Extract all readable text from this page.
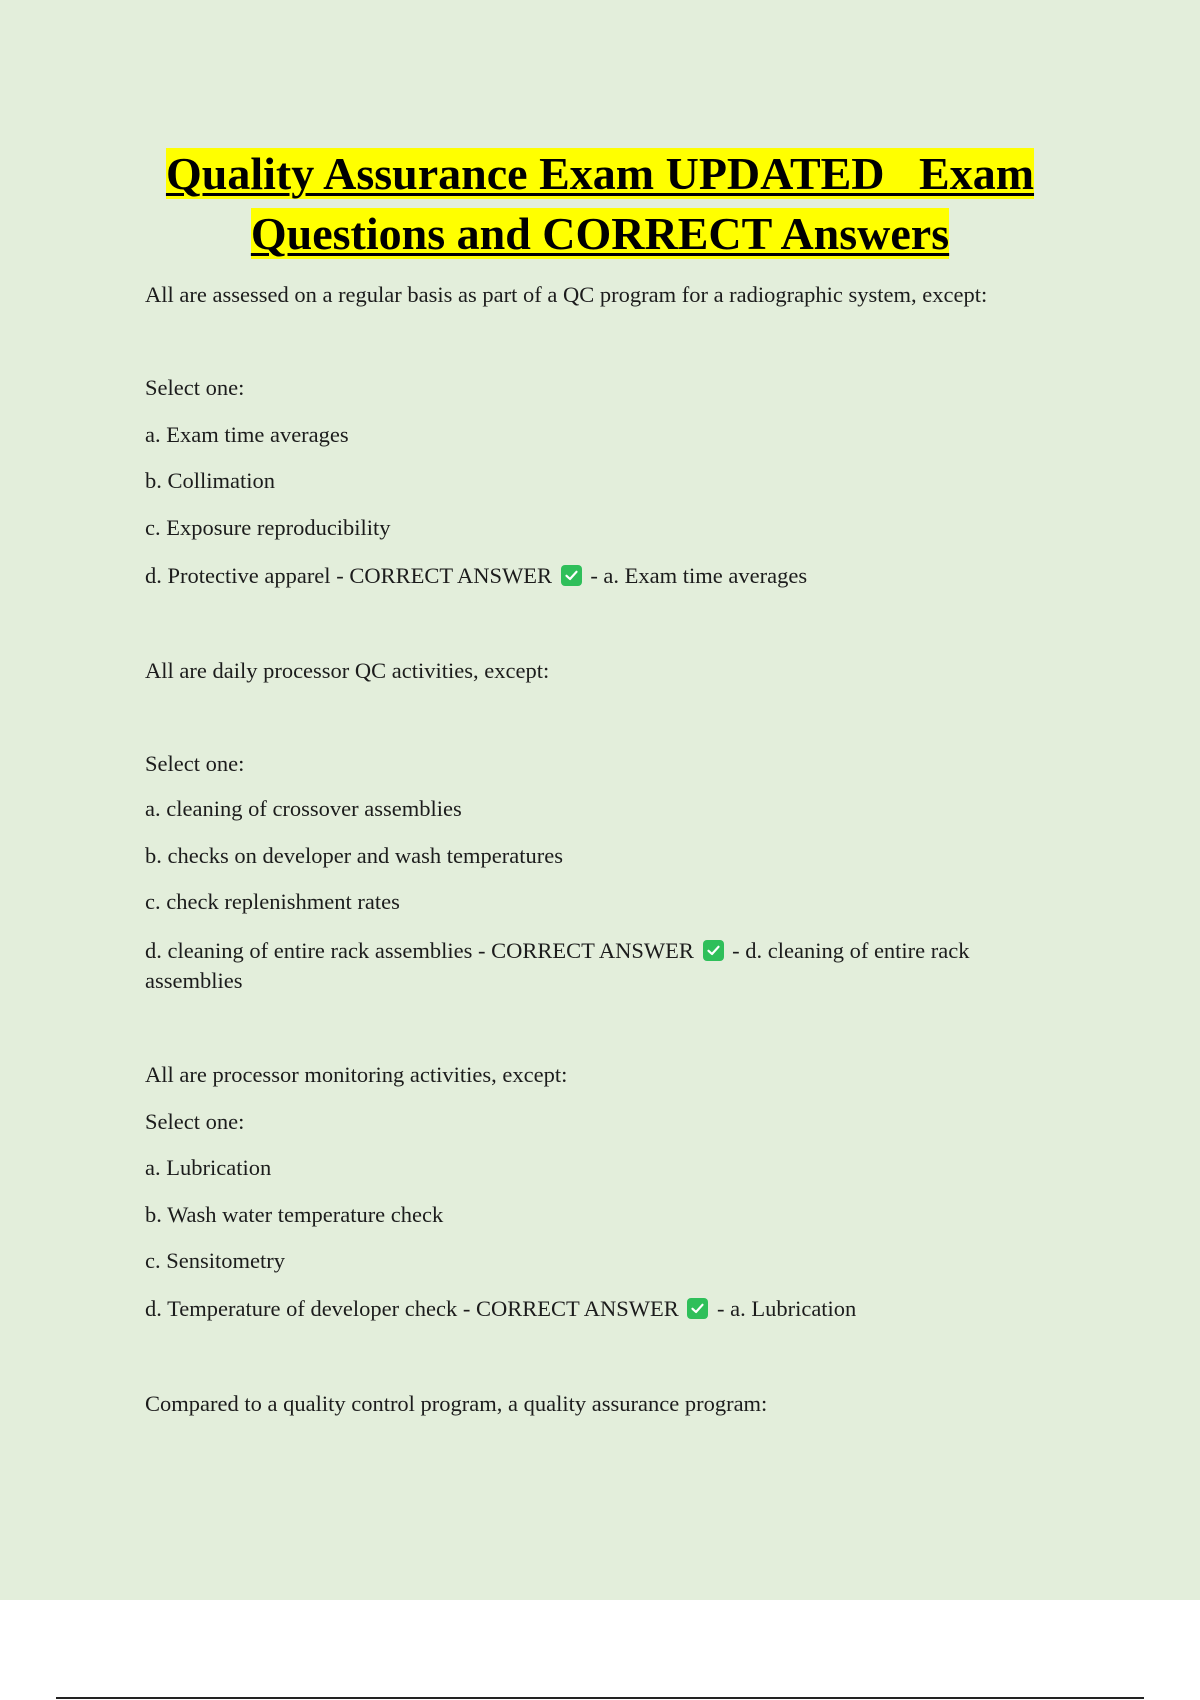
Quality Assurance Exam UPDATED   Exam
Questions and CORRECT Answers

All are assessed on a regular basis as part of a QC program for a radiographic system, except:

Select one:

a. Exam time averages

b. Collimation

c. Exposure reproducibility

d. Protective apparel - CORRECT ANSWER - a. Exam time averages

All are daily processor QC activities, except:

Select one:

a. cleaning of crossover assemblies

b. checks on developer and wash temperatures

c. check replenishment rates

d. cleaning of entire rack assemblies - CORRECT ANSWER - d. cleaning of entire rack

assemblies

All are processor monitoring activities, except:

Select one:

a. Lubrication

b. Wash water temperature check

c. Sensitometry

d. Temperature of developer check - CORRECT ANSWER - a. Lubrication

Compared to a quality control program, a quality assurance program:
